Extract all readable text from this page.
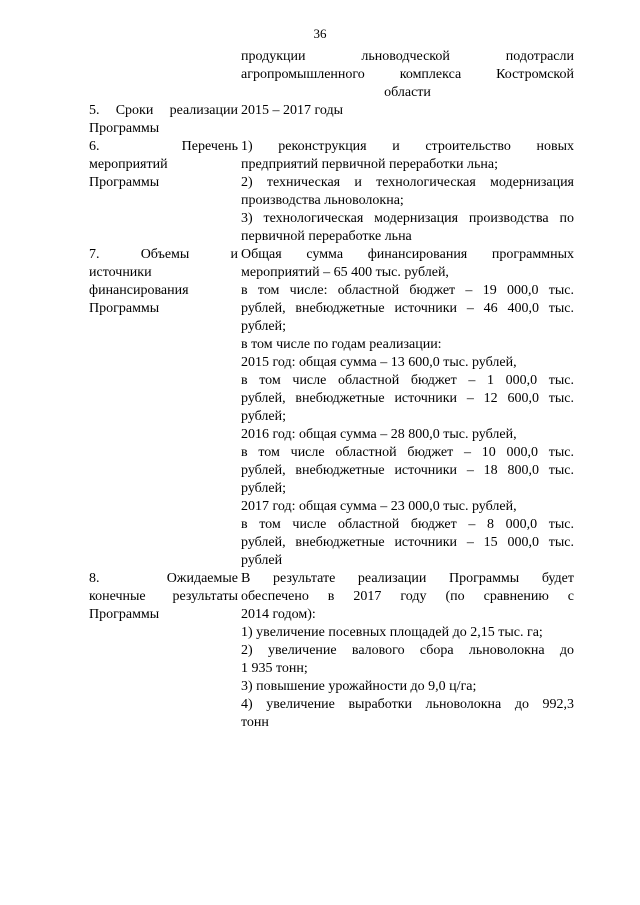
36
продукции льноводческой подотрасли
агропромышленного комплекса Костромской
области
5. Сроки реализации
Программы
2015 – 2017 годы
6. Перечень
мероприятий
Программы
1) реконструкция и строительство новых
предприятий первичной переработки льна;
2) техническая и технологическая модернизация
производства льноволокна;
3) технологическая модернизация производства по
первичной переработке льна
7. Объемы и
источники
финансирования
Программы
Общая сумма финансирования программных
мероприятий – 65 400 тыс. рублей,
в том числе: областной бюджет – 19 000,0 тыс.
рублей, внебюджетные источники – 46 400,0 тыс.
рублей;
в том числе по годам реализации:
2015 год: общая сумма – 13 600,0 тыс. рублей,
в том числе областной бюджет – 1 000,0 тыс.
рублей, внебюджетные источники – 12 600,0 тыс.
рублей;
2016 год: общая сумма – 28 800,0 тыс. рублей,
в том числе областной бюджет – 10 000,0 тыс.
рублей, внебюджетные источники – 18 800,0 тыс.
рублей;
2017 год: общая сумма – 23 000,0 тыс. рублей,
в том числе областной бюджет – 8 000,0 тыс.
рублей, внебюджетные источники – 15 000,0 тыс.
рублей
8. Ожидаемые
конечные результаты
Программы
В результате реализации Программы будет
обеспечено в 2017 году (по сравнению с
2014 годом):
1) увеличение посевных площадей до 2,15 тыс. га;
2) увеличение валового сбора льноволокна до
1 935 тонн;
3) повышение урожайности до 9,0 ц/га;
4) увеличение выработки льноволокна до 992,3
тонн
